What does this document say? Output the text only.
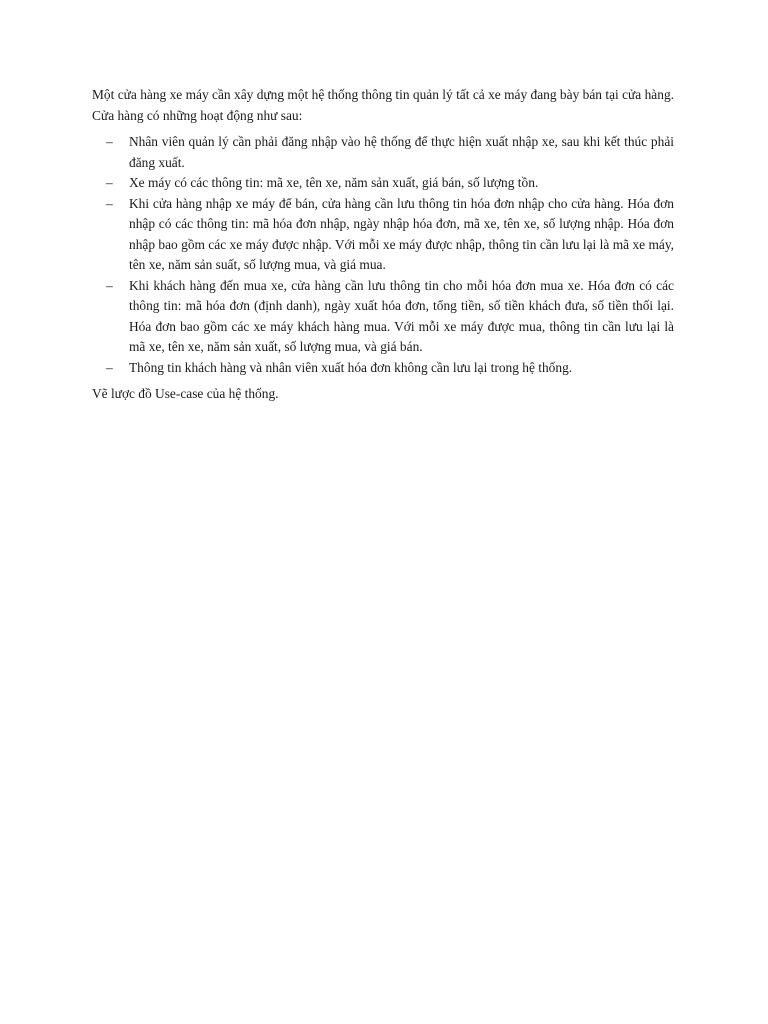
Một cửa hàng xe máy cần xây dựng một hệ thống thông tin quản lý tất cả xe máy đang bày bán tại cửa hàng. Cửa hàng có những hoạt động như sau:

– Nhân viên quản lý cần phải đăng nhập vào hệ thống để thực hiện xuất nhập xe, sau khi kết thúc phải đăng xuất.
– Xe máy có các thông tin: mã xe, tên xe, năm sản xuất, giá bán, số lượng tồn.
– Khi cửa hàng nhập xe máy để bán, cửa hàng cần lưu thông tin hóa đơn nhập cho cửa hàng. Hóa đơn nhập có các thông tin: mã hóa đơn nhập, ngày nhập hóa đơn, mã xe, tên xe, số lượng nhập. Hóa đơn nhập bao gồm các xe máy được nhập. Với mỗi xe máy được nhập, thông tin cần lưu lại là mã xe máy, tên xe, năm sản suất, số lượng mua, và giá mua.
– Khi khách hàng đến mua xe, cửa hàng cần lưu thông tin cho mỗi hóa đơn mua xe. Hóa đơn có các thông tin: mã hóa đơn (định danh), ngày xuất hóa đơn, tổng tiền, số tiền khách đưa, số tiền thối lại. Hóa đơn bao gồm các xe máy khách hàng mua. Với mỗi xe máy được mua, thông tin cần lưu lại là mã xe, tên xe, năm sản xuất, số lượng mua, và giá bán.
– Thông tin khách hàng và nhân viên xuất hóa đơn không cần lưu lại trong hệ thống.

Vẽ lược đồ Use-case của hệ thống.
